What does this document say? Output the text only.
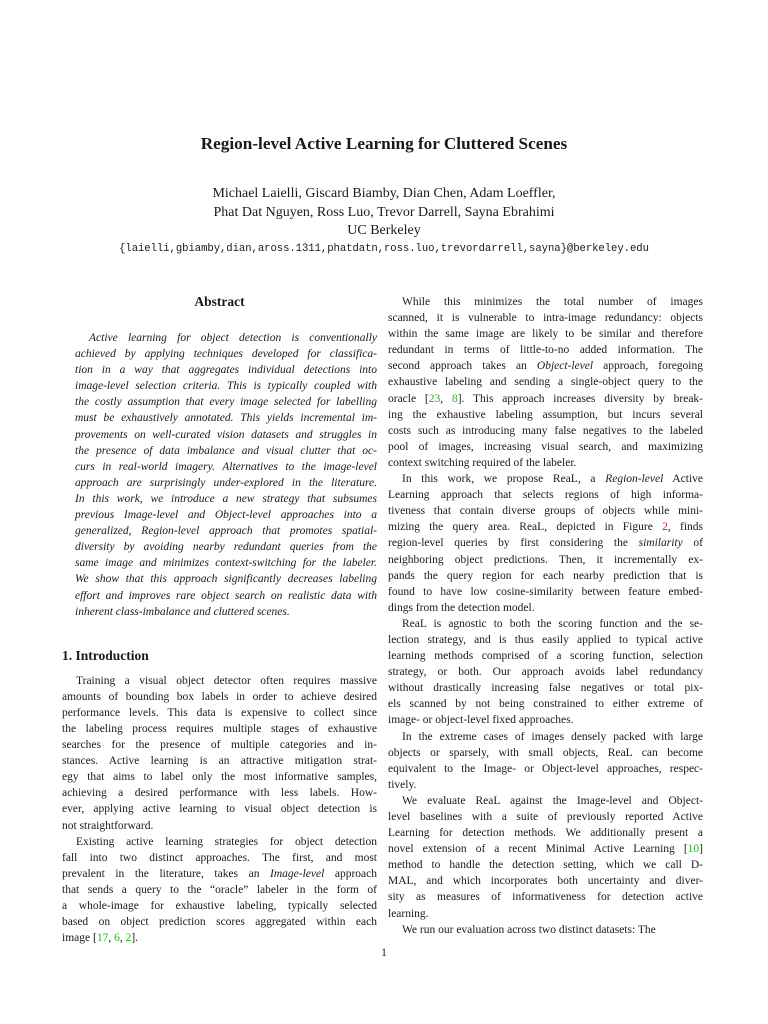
Region-level Active Learning for Cluttered Scenes
Michael Laielli, Giscard Biamby, Dian Chen, Adam Loeffler,
Phat Dat Nguyen, Ross Luo, Trevor Darrell, Sayna Ebrahimi
UC Berkeley
{laielli,gbiamby,dian,aross.1311,phatdatn,ross.luo,trevordarrell,sayna}@berkeley.edu
Abstract
Active learning for object detection is conventionally
achieved by applying techniques developed for classifica-
tion in a way that aggregates individual detections into
image-level selection criteria. This is typically coupled with
the costly assumption that every image selected for labelling
must be exhaustively annotated. This yields incremental im-
provements on well-curated vision datasets and struggles in
the presence of data imbalance and visual clutter that oc-
curs in real-world imagery. Alternatives to the image-level
approach are surprisingly under-explored in the literature.
In this work, we introduce a new strategy that subsumes
previous Image-level and Object-level approaches into a
generalized, Region-level approach that promotes spatial-
diversity by avoiding nearby redundant queries from the
same image and minimizes context-switching for the labeler.
We show that this approach significantly decreases labeling
effort and improves rare object search on realistic data with
inherent class-imbalance and cluttered scenes.
1. Introduction
Training a visual object detector often requires massive
amounts of bounding box labels in order to achieve desired
performance levels. This data is expensive to collect since
the labeling process requires multiple stages of exhaustive
searches for the presence of multiple categories and in-
stances. Active learning is an attractive mitigation strat-
egy that aims to label only the most informative samples,
achieving a desired performance with less labels. How-
ever, applying active learning to visual object detection is
not straightforward.
Existing active learning strategies for object detection
fall into two distinct approaches. The first, and most
prevalent in the literature, takes an Image-level approach
that sends a query to the “oracle” labeler in the form of
a whole-image for exhaustive labeling, typically selected
based on object prediction scores aggregated within each
image [17, 6, 2].
While this minimizes the total number of images
scanned, it is vulnerable to intra-image redundancy: objects
within the same image are likely to be similar and therefore
redundant in terms of little-to-no added information. The
second approach takes an Object-level approach, foregoing
exhaustive labeling and sending a single-object query to the
oracle [23, 8]. This approach increases diversity by break-
ing the exhaustive labeling assumption, but incurs several
costs such as introducing many false negatives to the labeled
pool of images, increasing visual search, and maximizing
context switching required of the labeler.
In this work, we propose ReaL, a Region-level Active
Learning approach that selects regions of high informa-
tiveness that contain diverse groups of objects while mini-
mizing the query area. ReaL, depicted in Figure 2, finds
region-level queries by first considering the similarity of
neighboring object predictions. Then, it incrementally ex-
pands the query region for each nearby prediction that is
found to have low cosine-similarity between feature embed-
dings from the detection model.
ReaL is agnostic to both the scoring function and the se-
lection strategy, and is thus easily applied to typical active
learning methods comprised of a scoring function, selection
strategy, or both. Our approach avoids label redundancy
without drastically increasing false negatives or total pix-
els scanned by not being constrained to either extreme of
image- or object-level fixed approaches.
In the extreme cases of images densely packed with large
objects or sparsely, with small objects, ReaL can become
equivalent to the Image- or Object-level approaches, respec-
tively.
We evaluate ReaL against the Image-level and Object-
level baselines with a suite of previously reported Active
Learning for detection methods. We additionally present a
novel extension of a recent Minimal Active Learning [10]
method to handle the detection setting, which we call D-
MAL, and which incorporates both uncertainty and diver-
sity as measures of informativeness for detection active
learning.
We run our evaluation across two distinct datasets: The
1
